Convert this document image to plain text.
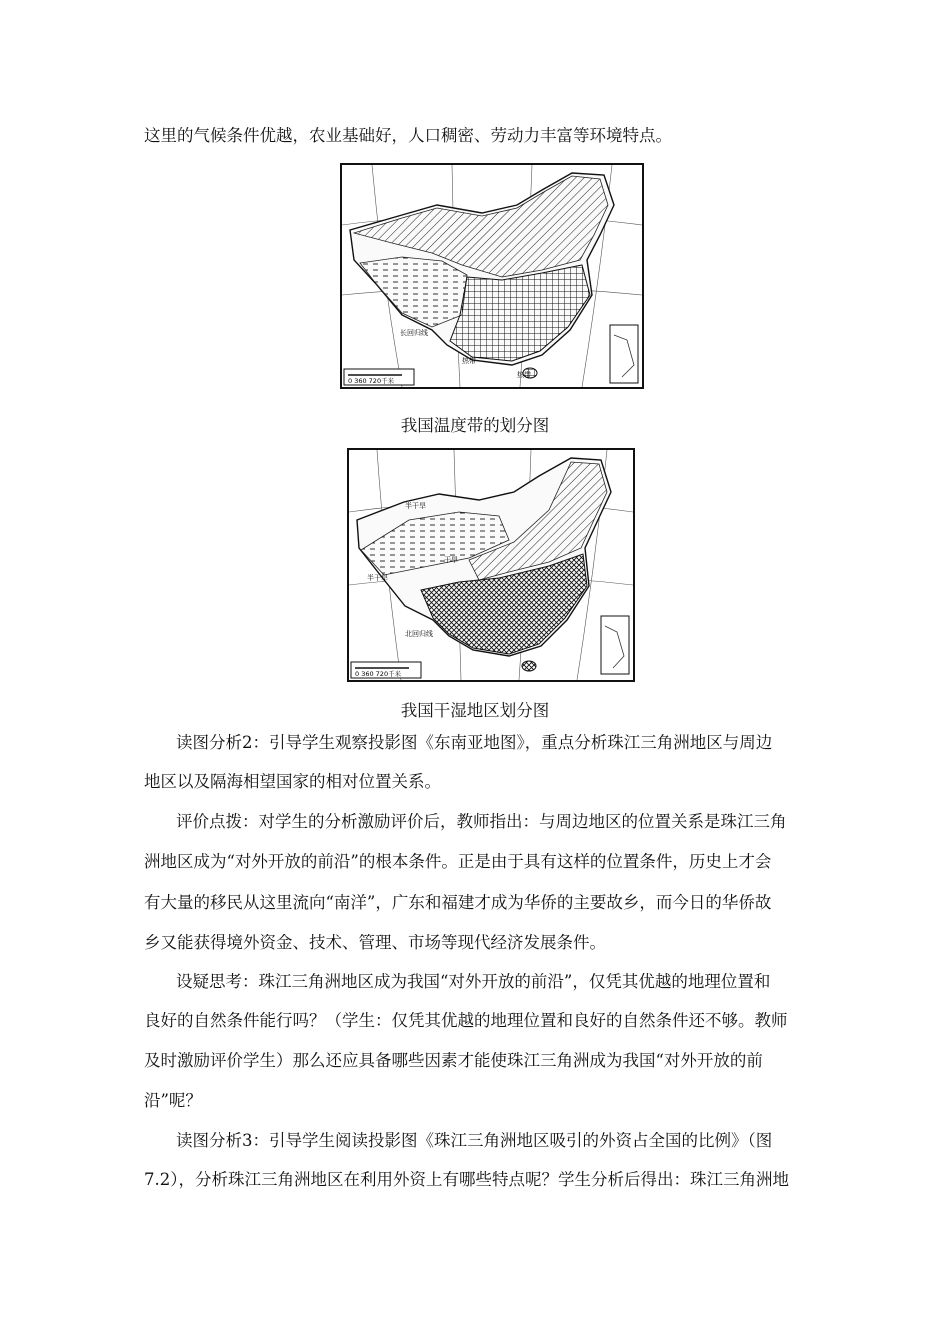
这里的气候条件优越，农业基础好，人口稠密、劳动力丰富等环境特点。
0 360 720千米
长回归线
热带
热带
我国温度带的划分图
0 360 720千米
半干旱
半干旱
干旱
北回归线
我国干湿地区划分图
读图分析2：引导学生观察投影图《东南亚地图》，重点分析珠江三角洲地区与周边
地区以及隔海相望国家的相对位置关系。
评价点拨：对学生的分析激励评价后，教师指出：与周边地区的位置关系是珠江三角
洲地区成为“对外开放的前沿”的根本条件。正是由于具有这样的位置条件，历史上才会
有大量的移民从这里流向“南洋”，广东和福建才成为华侨的主要故乡，而今日的华侨故
乡又能获得境外资金、技术、管理、市场等现代经济发展条件。
设疑思考：珠江三角洲地区成为我国“对外开放的前沿”，仅凭其优越的地理位置和
良好的自然条件能行吗？（学生：仅凭其优越的地理位置和良好的自然条件还不够。教师
及时激励评价学生）那么还应具备哪些因素才能使珠江三角洲成为我国“对外开放的前
沿”呢？
读图分析3：引导学生阅读投影图《珠江三角洲地区吸引的外资占全国的比例》（图
7.2），分析珠江三角洲地区在利用外资上有哪些特点呢？学生分析后得出：珠江三角洲地
